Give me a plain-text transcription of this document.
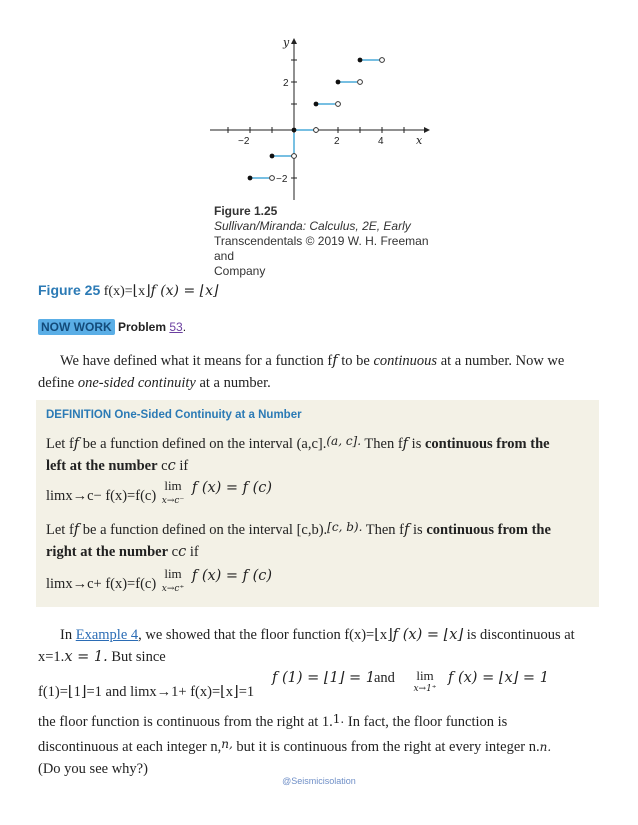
y
x
−2	2	4
2
−2
Figure 1.25
Sullivan/Miranda: Calculus, 2E, Early
Transcendentals © 2019 W. H. Freeman and
Company
Figure 25 f(x)=⌊x⌋f (x) = ⌊x⌋
NOW WORK Problem 53.
We have defined what it means for a function ff to be continuous at a number. Now we
define one-sided continuity at a number.
DEFINITION One-Sided Continuity at a Number
Let ff be a function defined on the interval (a,c].$^{(a, c].}$ Then ff is continuous from the
left at the number cc if
limx→c− f(x)=f(c)
lim
x→c⁻
f (x) = f (c)
Let ff be a function defined on the interval [c,b).$^{[c, b).}$ Then ff is continuous from the
right at the number cc if
limx→c+ f(x)=f(c)
lim
x→c⁺
f (x) = f (c)
In Example 4, we showed that the floor function f(x)=⌊x⌋f (x) = ⌊x⌋ is discontinuous at
x=1.x = 1. But since
f(1)=⌊1⌋=1 and limx→1+ f(x)=⌊x⌋=1
f (1) = ⌊1⌋ = 1
and	lim
x→1⁺
f (x) = ⌊x⌋ = 1
the floor function is continuous from the right at 1.$^{1.}$ In fact, the floor function is
discontinuous at each integer n,$^{n,}$ but it is continuous from the right at every integer n.n.
(Do you see why?)
@Seismicisolation
